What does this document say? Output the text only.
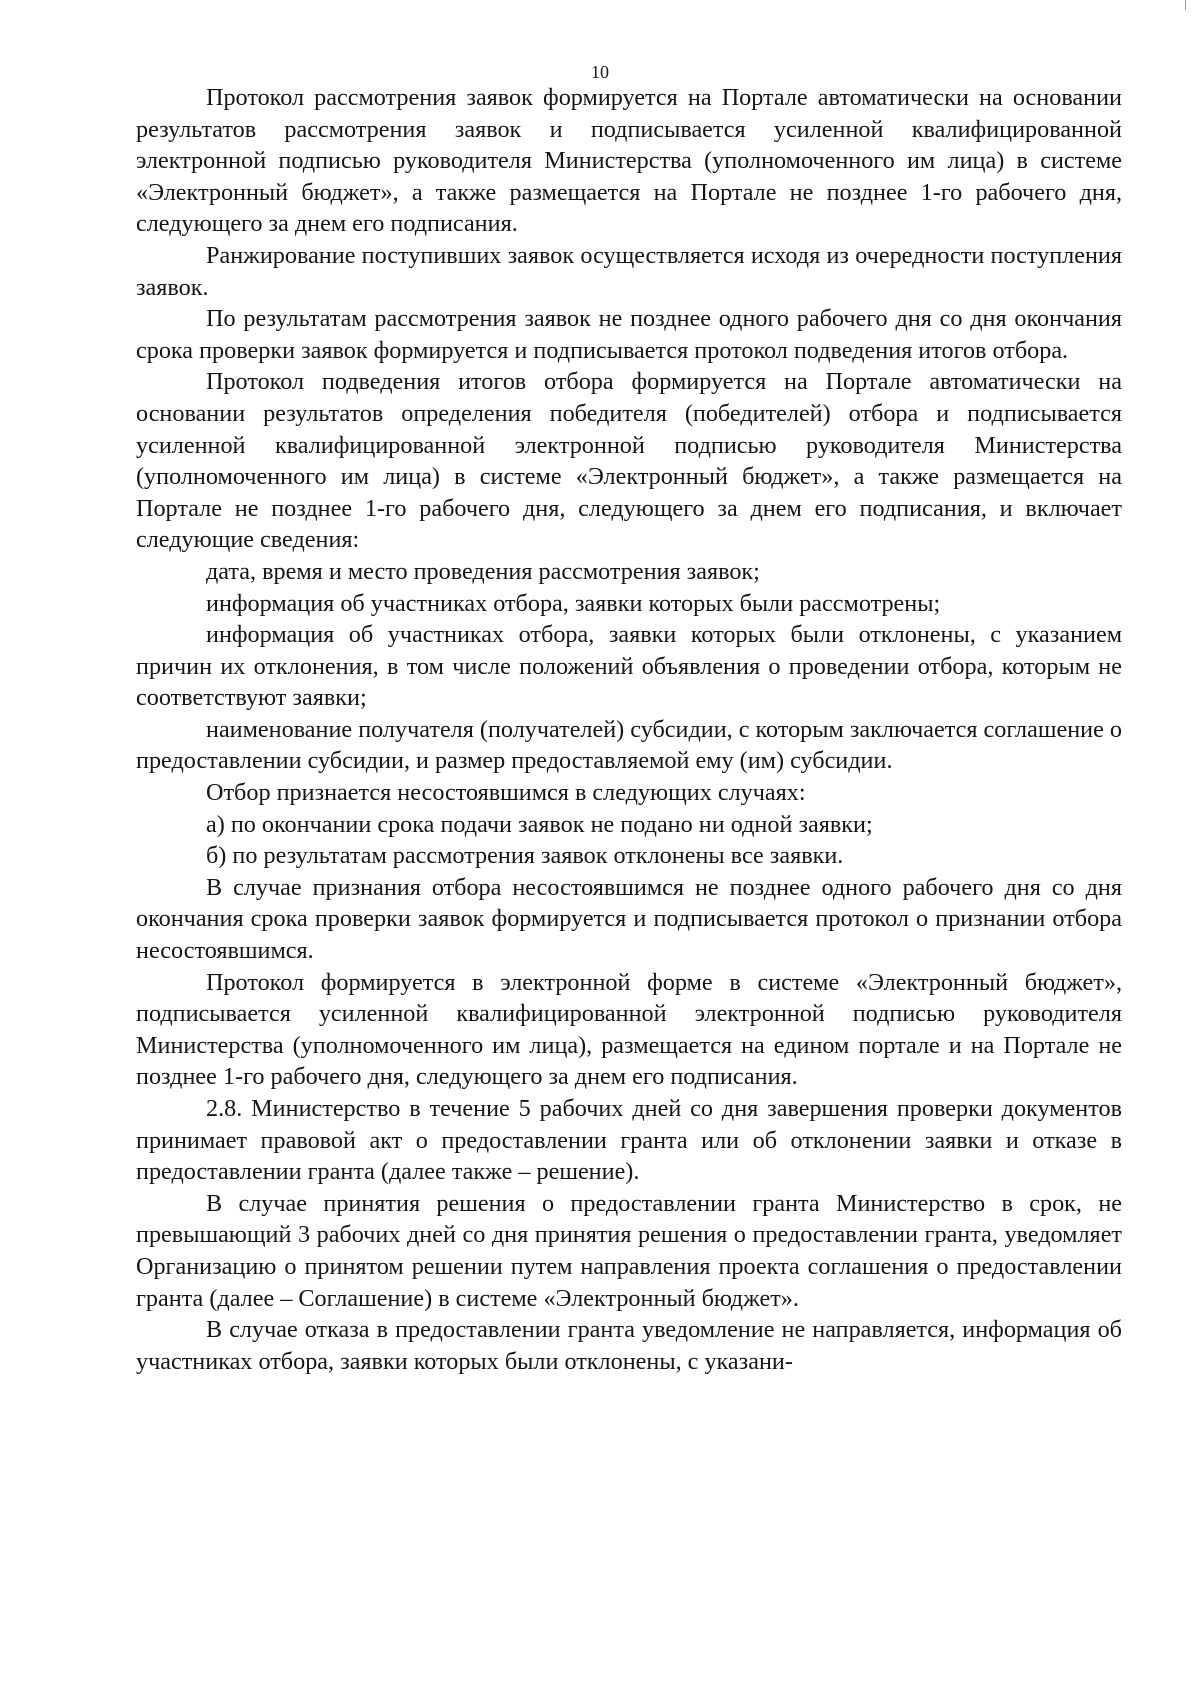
10

Протокол рассмотрения заявок формируется на Портале автоматически на основании результатов рассмотрения заявок и подписывается усиленной квалифицированной электронной подписью руководителя Министерства (уполномоченного им лица) в системе «Электронный бюджет», а также размещается на Портале не позднее 1-го рабочего дня, следующего за днем его подписания.

Ранжирование поступивших заявок осуществляется исходя из очередности поступления заявок.

По результатам рассмотрения заявок не позднее одного рабочего дня со дня окончания срока проверки заявок формируется и подписывается протокол подведения итогов отбора.

Протокол подведения итогов отбора формируется на Портале автоматически на основании результатов определения победителя (победителей) отбора и подписывается усиленной квалифицированной электронной подписью руководителя Министерства (уполномоченного им лица) в системе «Электронный бюджет», а также размещается на Портале не позднее 1-го рабочего дня, следующего за днем его подписания, и включает следующие сведения:

дата, время и место проведения рассмотрения заявок;

информация об участниках отбора, заявки которых были рассмотрены;

информация об участниках отбора, заявки которых были отклонены, с указанием причин их отклонения, в том числе положений объявления о проведении отбора, которым не соответствуют заявки;

наименование получателя (получателей) субсидии, с которым заключается соглашение о предоставлении субсидии, и размер предоставляемой ему (им) субсидии.

Отбор признается несостоявшимся в следующих случаях:

а) по окончании срока подачи заявок не подано ни одной заявки;

б) по результатам рассмотрения заявок отклонены все заявки.

В случае признания отбора несостоявшимся не позднее одного рабочего дня со дня окончания срока проверки заявок формируется и подписывается протокол о признании отбора несостоявшимся.

Протокол формируется в электронной форме в системе «Электронный бюджет», подписывается усиленной квалифицированной электронной подписью руководителя Министерства (уполномоченного им лица), размещается на едином портале и на Портале не позднее 1-го рабочего дня, следующего за днем его подписания.

2.8. Министерство в течение 5 рабочих дней со дня завершения проверки документов принимает правовой акт о предоставлении гранта или об отклонении заявки и отказе в предоставлении гранта (далее также – решение).

В случае принятия решения о предоставлении гранта Министерство в срок, не превышающий 3 рабочих дней со дня принятия решения о предоставлении гранта, уведомляет Организацию о принятом решении путем направления проекта соглашения о предоставлении гранта (далее – Соглашение) в системе «Электронный бюджет».

В случае отказа в предоставлении гранта уведомление не направляется, информация об участниках отбора, заявки которых были отклонены, с указани-
